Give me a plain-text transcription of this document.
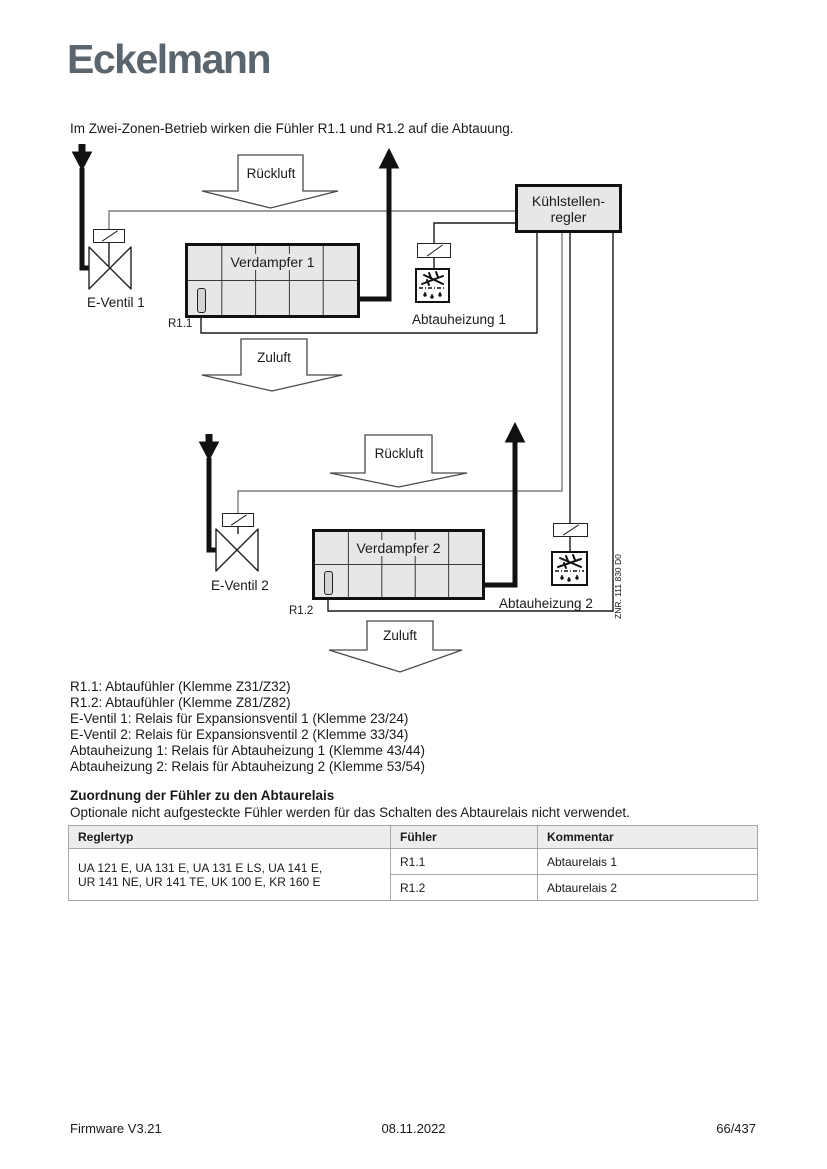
Eckelmann
Im Zwei-Zonen-Betrieb wirken die Fühler R1.1 und R1.2 auf die Abtauung.
Rückluft
Zuluft
Rückluft
Zuluft
Kühlstellen-
regler
Verdampfer 1
Verdampfer 2
E-Ventil 1
E-Ventil 2
R1.1
R1.2
Abtauheizung 1
Abtauheizung 2 ZNR. 111 830 D0
R1.1: Abtaufühler (Klemme Z31/Z32)
R1.2: Abtaufühler (Klemme Z81/Z82)
E-Ventil 1: Relais für Expansionsventil 1 (Klemme 23/24)
E-Ventil 2: Relais für Expansionsventil 2 (Klemme 33/34)
Abtauheizung 1: Relais für Abtauheizung 1 (Klemme 43/44)
Abtauheizung 2: Relais für Abtauheizung 2 (Klemme 53/54)
Zuordnung der Fühler zu den Abtaurelais
Optionale nicht aufgesteckte Fühler werden für das Schalten des Abtaurelais nicht verwendet.
Reglertyp	Fühler	Kommentar

UA 121 E, UA 131 E, UA 131 E LS, UA 141 E,
UR 141 NE, UR 141 TE, UK 100 E, KR 160 E	R1.1	Abtaurelais 1
	R1.2	Abtaurelais 2
Firmware V3.21	08.11.2022	66/437
